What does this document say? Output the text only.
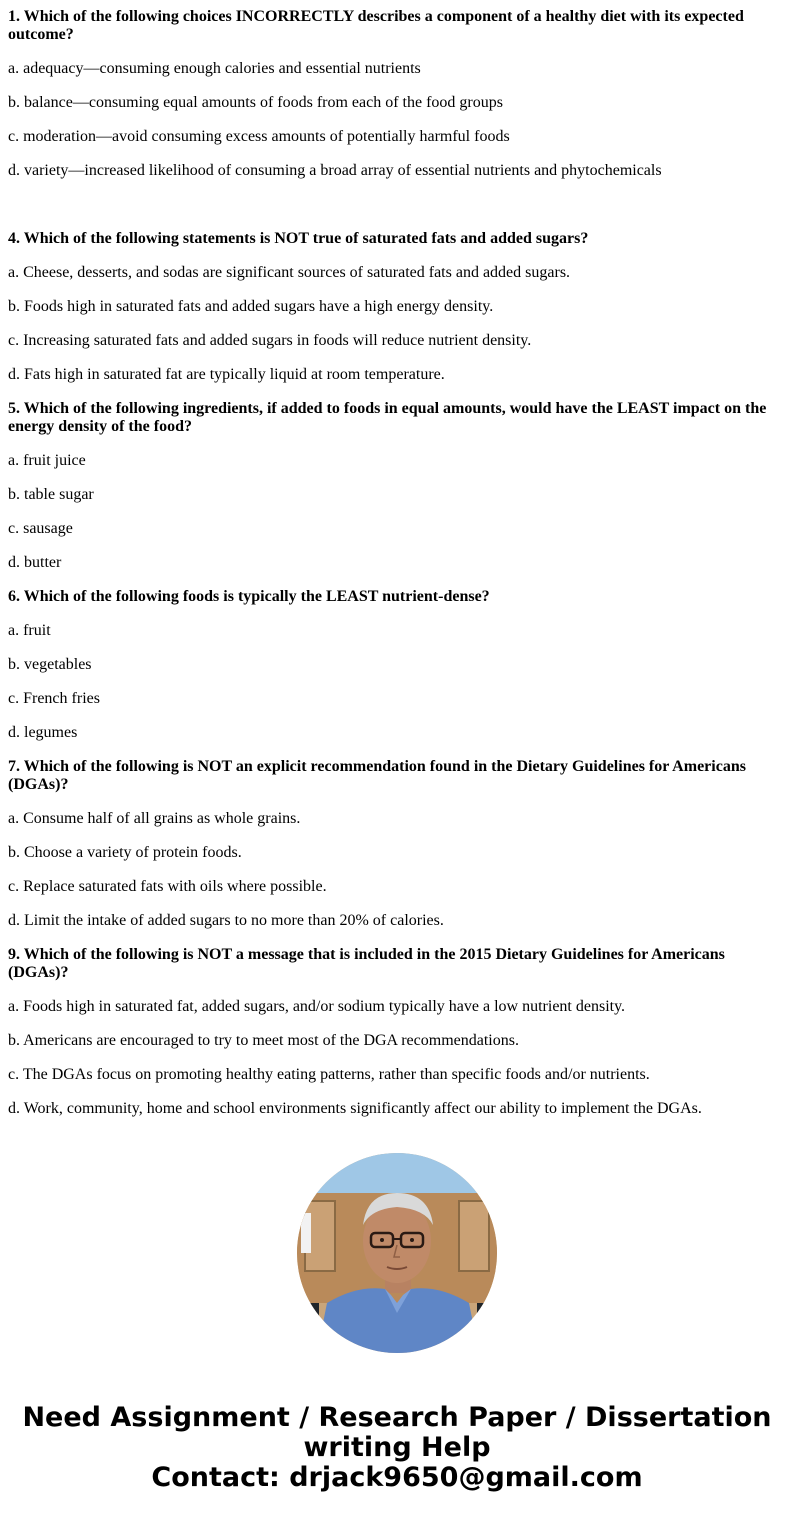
1. Which of the following choices INCORRECTLY describes a component of a healthy diet with its expected outcome?

a. adequacy—consuming enough calories and essential nutrients

b. balance—consuming equal amounts of foods from each of the food groups

c. moderation—avoid consuming excess amounts of potentially harmful foods

d. variety—increased likelihood of consuming a broad array of essential nutrients and phytochemicals

4. Which of the following statements is NOT true of saturated fats and added sugars?

a. Cheese, desserts, and sodas are significant sources of saturated fats and added sugars.

b. Foods high in saturated fats and added sugars have a high energy density.

c. Increasing saturated fats and added sugars in foods will reduce nutrient density.

d. Fats high in saturated fat are typically liquid at room temperature.

5. Which of the following ingredients, if added to foods in equal amounts, would have the LEAST impact on the energy density of the food?

a. fruit juice

b. table sugar

c. sausage

d. butter

6. Which of the following foods is typically the LEAST nutrient-dense?

a. fruit

b. vegetables

c. French fries

d. legumes

7. Which of the following is NOT an explicit recommendation found in the Dietary Guidelines for Americans (DGAs)?

a. Consume half of all grains as whole grains.

b. Choose a variety of protein foods.

c. Replace saturated fats with oils where possible.

d. Limit the intake of added sugars to no more than 20% of calories.

9. Which of the following is NOT a message that is included in the 2015 Dietary Guidelines for Americans (DGAs)?

a. Foods high in saturated fat, added sugars, and/or sodium typically have a low nutrient density.

b. Americans are encouraged to try to meet most of the DGA recommendations.

c. The DGAs focus on promoting healthy eating patterns, rather than specific foods and/or nutrients.

d. Work, community, home and school environments significantly affect our ability to implement the DGAs.

Need Assignment / Research Paper / Dissertation
writing Help
Contact: drjack9650@gmail.com
